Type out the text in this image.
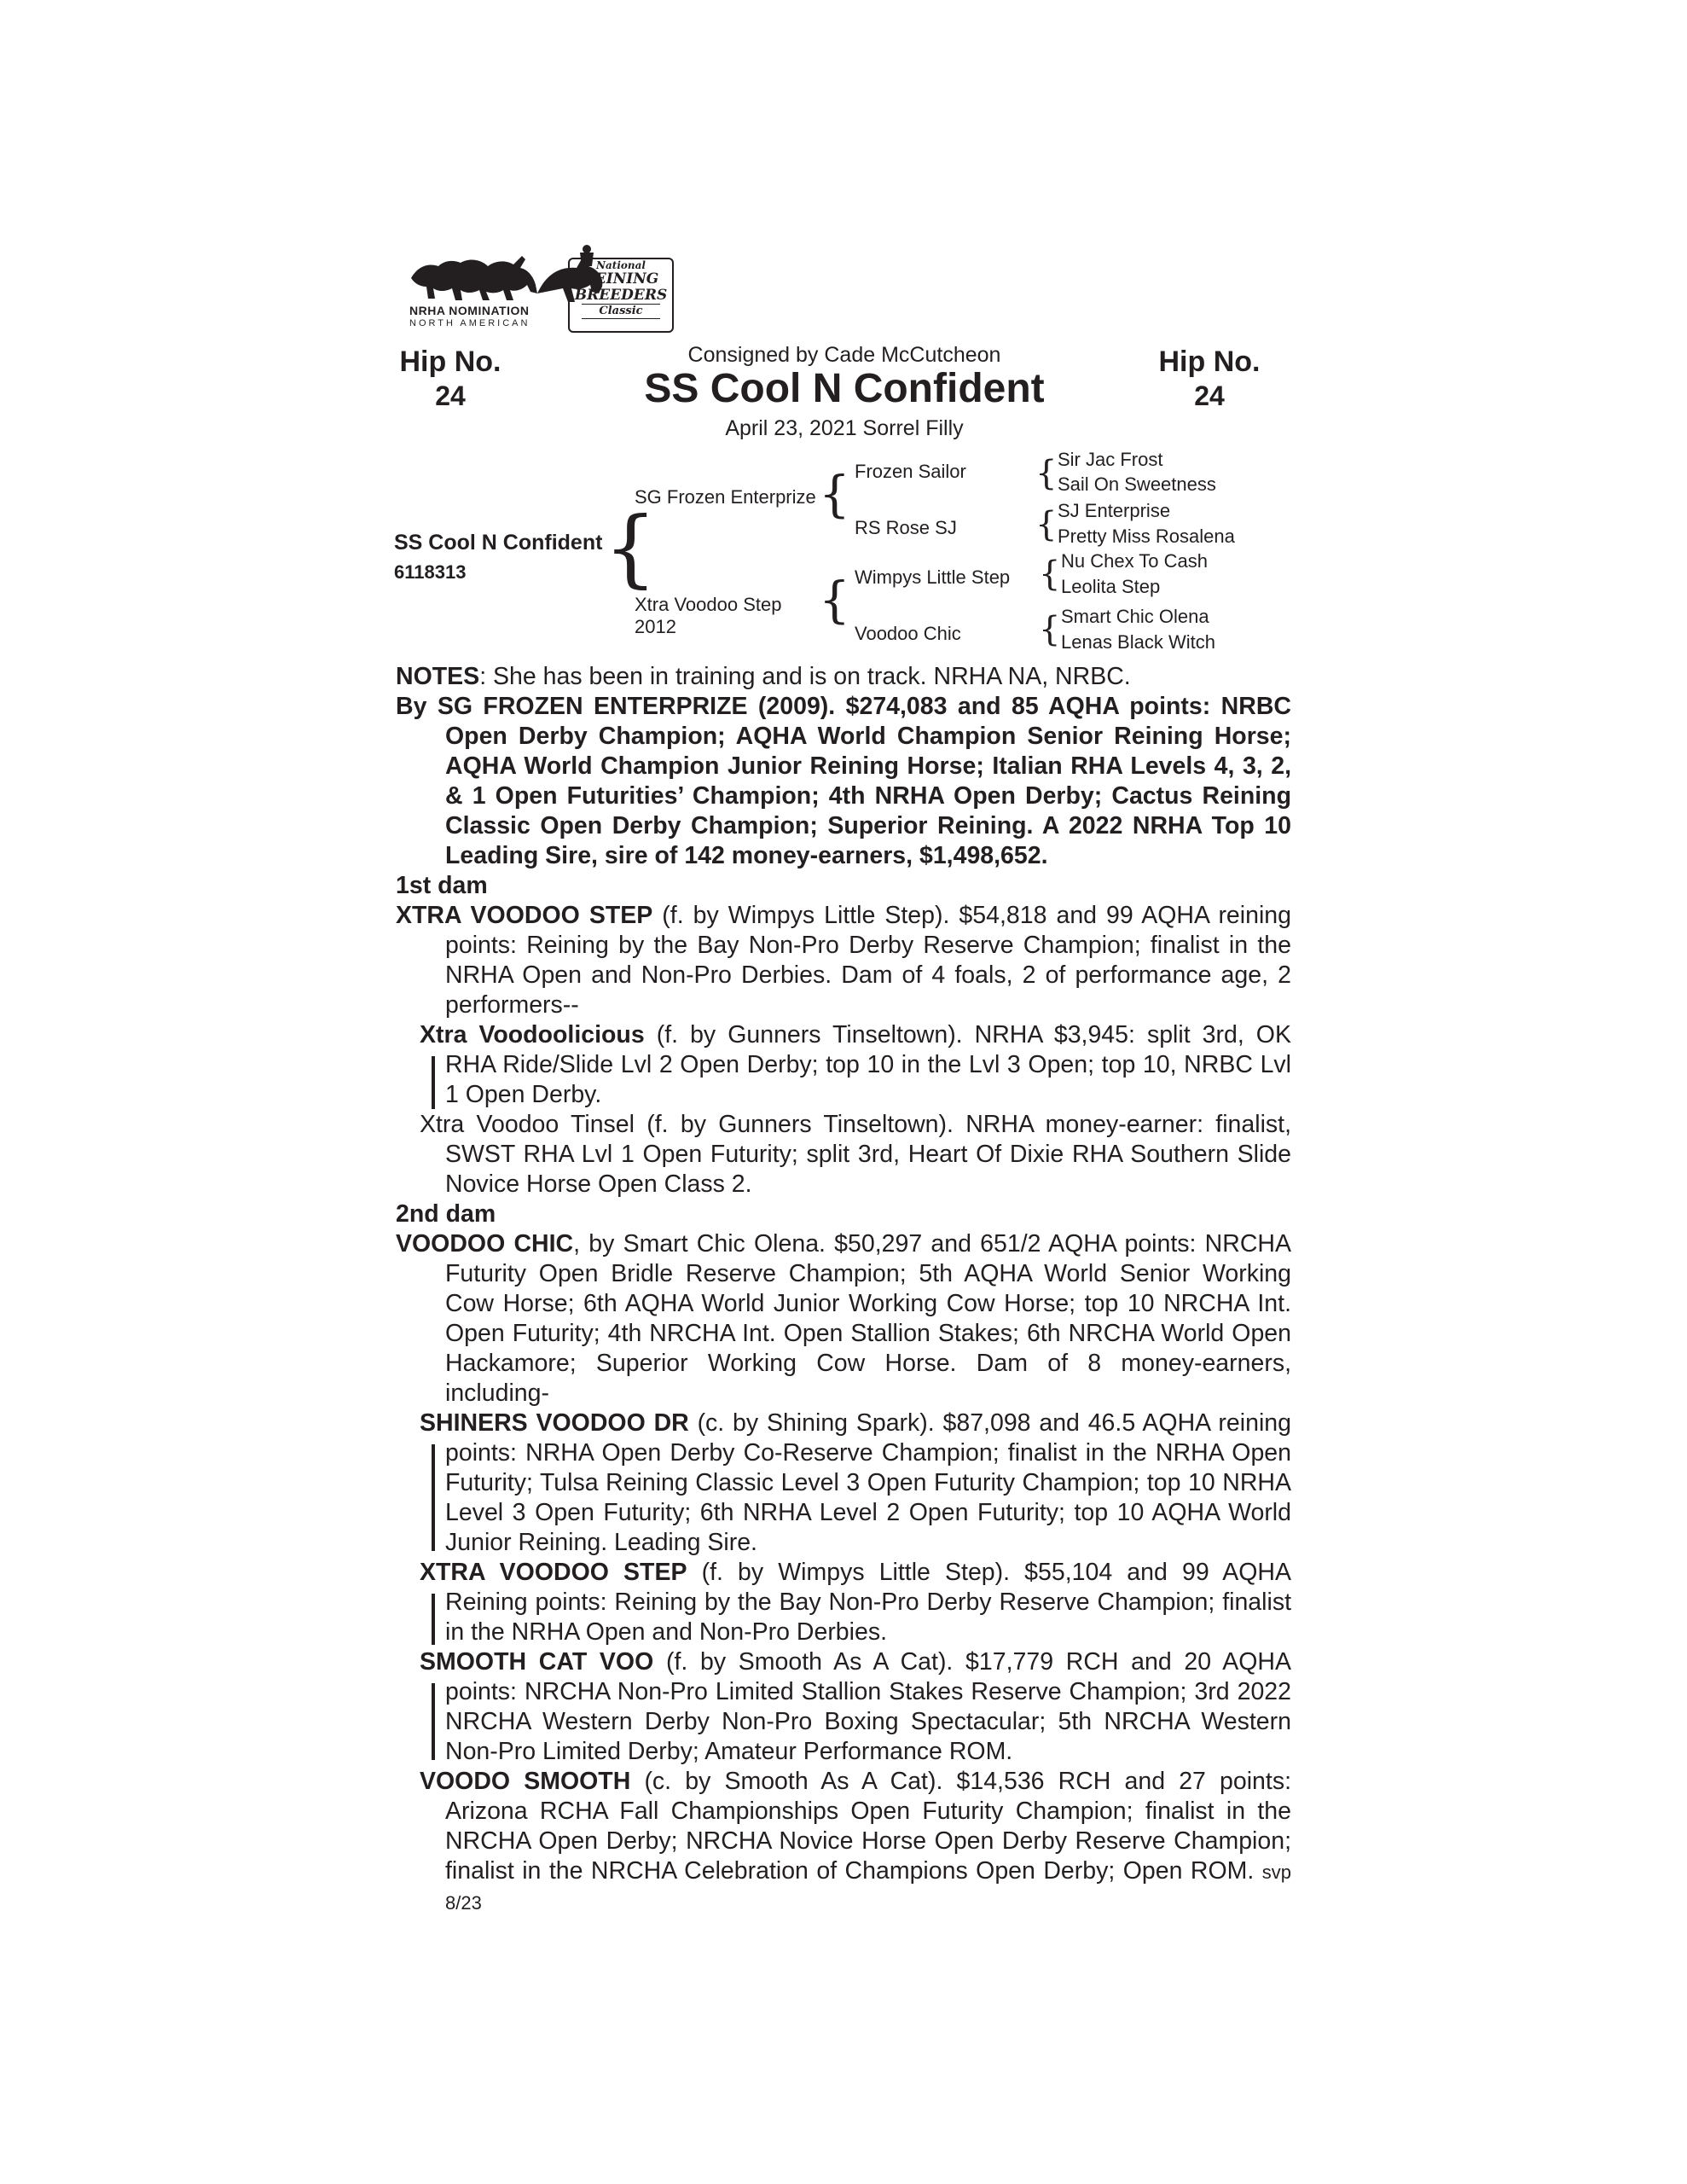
NRHA NOMINATION
NORTH AMERICAN
National
REINING
BREEDERS
Classic
Hip No.
24
Hip No.
24
Consigned by Cade McCutcheon
SS Cool N Confident
April 23, 2021 Sorrel Filly
SS Cool N Confident
6118313 {
SG Frozen Enterprize {
Xtra Voodoo Step
2012	{
Frozen Sailor
RS Rose SJ
Wimpys Little Step
Voodoo Chic
{
{
{
{
Sir Jac Frost
Sail On Sweetness
SJ Enterprise
Pretty Miss Rosalena
Nu Chex To Cash
Leolita Step
Smart Chic Olena
Lenas Black Witch
NOTES: She has been in training and is on track. NRHA NA, NRBC.
By SG FROZEN ENTERPRIZE (2009). $274,083 and 85 AQHA points: NRBC Open Derby Champion; AQHA World Champion Senior Reining Horse; AQHA World Champion Junior Reining Horse; Italian RHA Levels 4, 3, 2, & 1 Open Futurities’ Champion; 4th NRHA Open Derby; Cactus Reining Classic Open Derby Champion; Superior Reining. A 2022 NRHA Top 10 Leading Sire, sire of 142 money-earners, $1,498,652.
1st dam
XTRA VOODOO STEP (f. by Wimpys Little Step). $54,818 and 99 AQHA reining points: Reining by the Bay Non-Pro Derby Reserve Champion; finalist in the NRHA Open and Non-Pro Derbies. Dam of 4 foals, 2 of performance age, 2 performers--
Xtra Voodoolicious (f. by Gunners Tinseltown). NRHA $3,945: split 3rd, OK RHA Ride/Slide Lvl 2 Open Derby; top 10 in the Lvl 3 Open; top 10, NRBC Lvl 1 Open Derby.
Xtra Voodoo Tinsel (f. by Gunners Tinseltown). NRHA money-earner: finalist, SWST RHA Lvl 1 Open Futurity; split 3rd, Heart Of Dixie RHA Southern Slide Novice Horse Open Class 2.
2nd dam
VOODOO CHIC, by Smart Chic Olena. $50,297 and 651/2 AQHA points: NRCHA Futurity Open Bridle Reserve Champion; 5th AQHA World Senior Working Cow Horse; 6th AQHA World Junior Working Cow Horse; top 10 NRCHA Int. Open Futurity; 4th NRCHA Int. Open Stallion Stakes; 6th NRCHA World Open Hackamore; Superior Working Cow Horse. Dam of 8 money-earners, including-
SHINERS VOODOO DR (c. by Shining Spark). $87,098 and 46.5 AQHA reining points: NRHA Open Derby Co-Reserve Champion; finalist in the NRHA Open Futurity; Tulsa Reining Classic Level 3 Open Futurity Champion; top 10 NRHA Level 3 Open Futurity; 6th NRHA Level 2 Open Futurity; top 10 AQHA World Junior Reining. Leading Sire.
XTRA VOODOO STEP (f. by Wimpys Little Step). $55,104 and 99 AQHA Reining points: Reining by the Bay Non-Pro Derby Reserve Champion; finalist in the NRHA Open and Non-Pro Derbies.
SMOOTH CAT VOO (f. by Smooth As A Cat). $17,779 RCH and 20 AQHA points: NRCHA Non-Pro Limited Stallion Stakes Reserve Champion; 3rd 2022 NRCHA Western Derby Non-Pro Boxing Spectacular; 5th NRCHA Western Non-Pro Limited Derby; Amateur Performance ROM.
VOODO SMOOTH (c. by Smooth As A Cat). $14,536 RCH and 27 points: Arizona RCHA Fall Championships Open Futurity Champion; finalist in the NRCHA Open Derby; NRCHA Novice Horse Open Derby Reserve Champion; finalist in the NRCHA Celebration of Champions Open Derby; Open ROM. svp 8/23
